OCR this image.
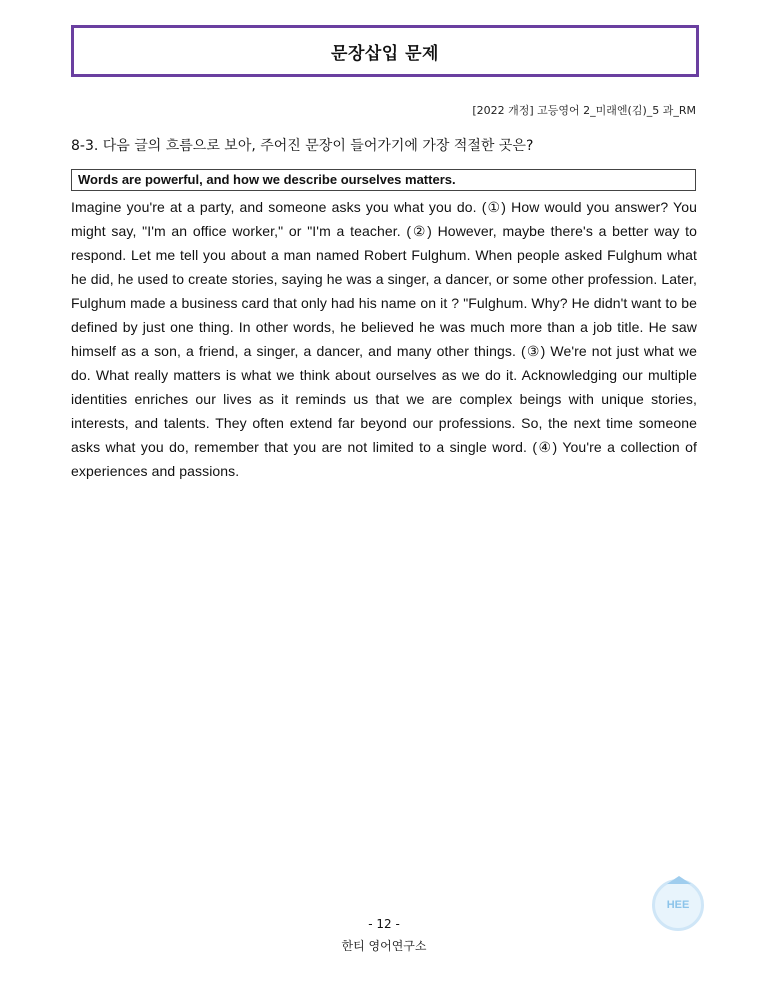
문장삽입 문제
[2022 개정] 고등영어 2_미래엔(김)_5 과_RM
8-3. 다음 글의 흐름으로 보아, 주어진 문장이 들어가기에 가장 적절한 곳은?
Words are powerful, and how we describe ourselves matters.
Imagine you're at a party, and someone asks you what you do. (①) How would you answer? You might say, "I'm an office worker," or "I'm a teacher. (②) However, maybe there's a better way to respond. Let me tell you about a man named Robert Fulghum. When people asked Fulghum what he did, he used to create stories, saying he was a singer, a dancer, or some other profession. Later, Fulghum made a business card that only had his name on it ? "Fulghum. Why? He didn't want to be defined by just one thing. In other words, he believed he was much more than a job title. He saw himself as a son, a friend, a singer, a dancer, and many other things. (③) We're not just what we do. What really matters is what we think about ourselves as we do it. Acknowledging our multiple identities enriches our lives as it reminds us that we are complex beings with unique stories, interests, and talents. They often extend far beyond our professions. So, the next time someone asks what you do, remember that you are not limited to a single word. (④) You're a collection of experiences and passions.
HEE
- 12 -
한티 영어연구소
